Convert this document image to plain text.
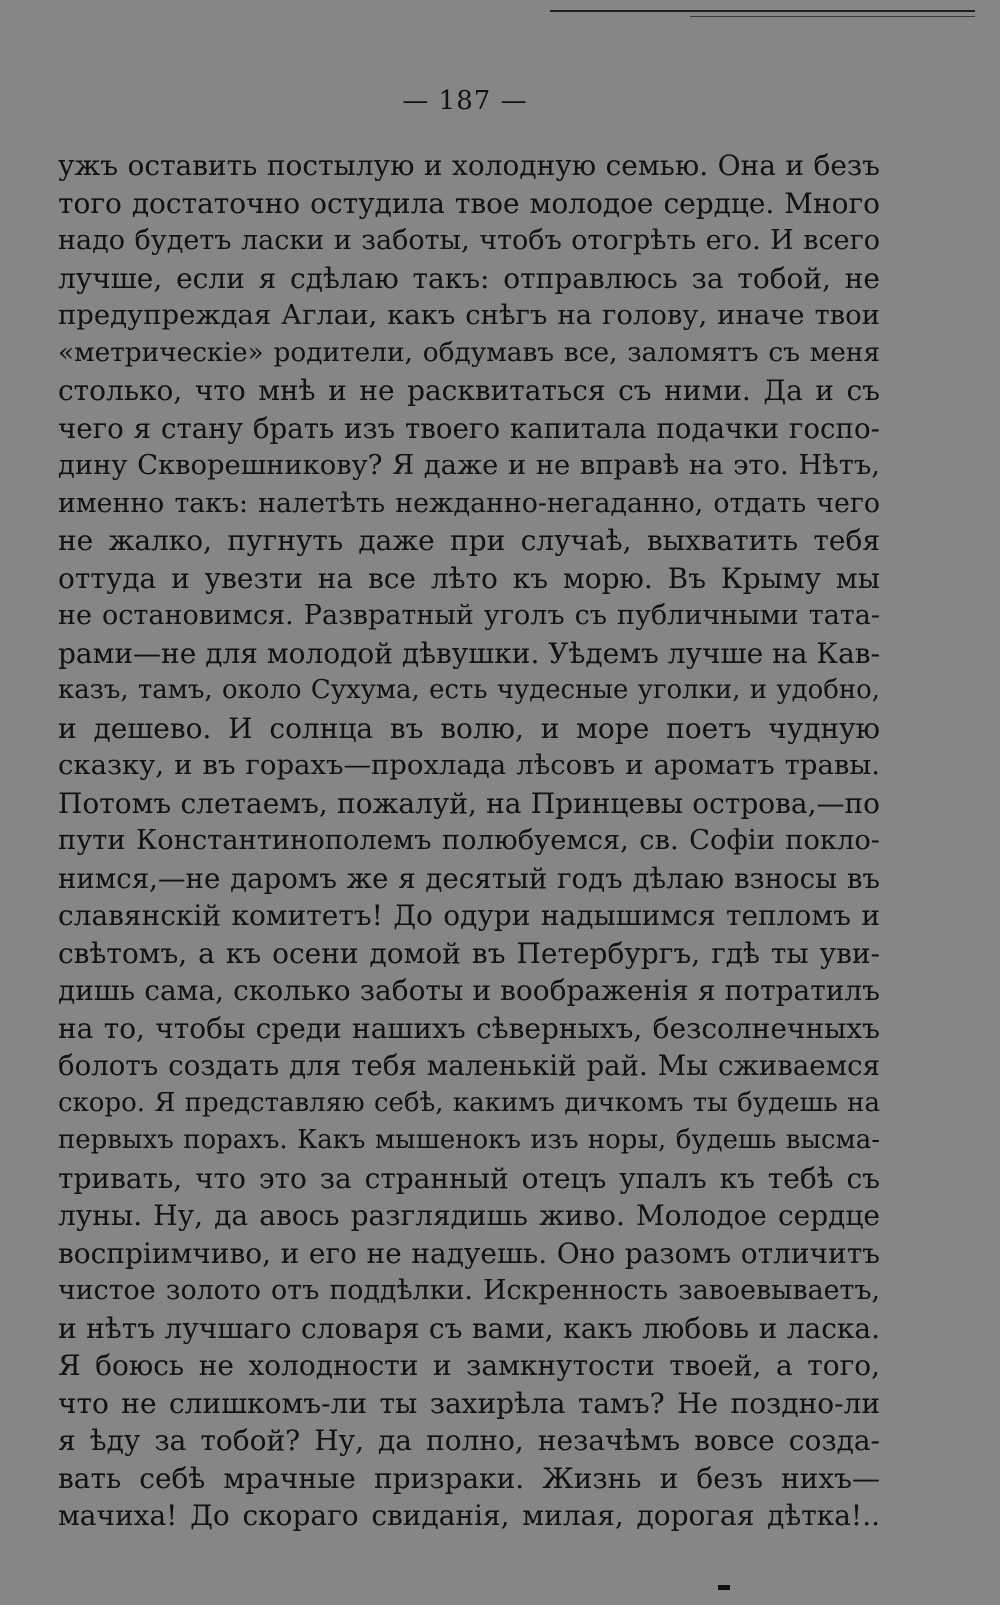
— 187 —
ужъ оставить постылую и холодную семью. Она и безъ
того достаточно остудила твое молодое сердце. Много
надо будетъ ласки и заботы, чтобъ отогрѣть его. И всего
лучше, если я сдѣлаю такъ: отправлюсь за тобой, не
предупреждая Аглаи, какъ снѣгъ на голову, иначе твои
«метрическіе» родители, обдумавъ все, заломятъ съ меня
столько, что мнѣ и не расквитаться съ ними. Да и съ
чего я стану брать изъ твоего капитала подачки госпо-
дину Скворешникову? Я даже и не вправѣ на это. Нѣтъ,
именно такъ: налетѣть нежданно-негаданно, отдать чего
не жалко, пугнуть даже при случаѣ, выхватить тебя
оттуда и увезти на все лѣто къ морю. Въ Крыму мы
не остановимся. Развратный уголъ съ публичными тата-
рами—не для молодой дѣвушки. Уѣдемъ лучше на Кав-
казъ, тамъ, около Сухума, есть чудесные уголки, и удобно,
и дешево. И солнца въ волю, и море поетъ чудную
сказку, и въ горахъ—прохлада лѣсовъ и ароматъ травы.
Потомъ слетаемъ, пожалуй, на Принцевы острова,—по
пути Константинополемъ полюбуемся, св. Софіи покло-
нимся,—не даромъ же я десятый годъ дѣлаю взносы въ
славянскій комитетъ! До одури надышимся тепломъ и
свѣтомъ, а къ осени домой въ Петербургъ, гдѣ ты уви-
дишь сама, сколько заботы и воображенія я потратилъ
на то, чтобы среди нашихъ сѣверныхъ, безсолнечныхъ
болотъ создать для тебя маленькій рай. Мы сживаемся
скоро. Я представляю себѣ, какимъ дичкомъ ты будешь на
первыхъ порахъ. Какъ мышенокъ изъ норы, будешь высма-
тривать, что это за странный отецъ упалъ къ тебѣ съ
луны. Ну, да авось разглядишь живо. Молодое сердце
воспріимчиво, и его не надуешь. Оно разомъ отличитъ
чистое золото отъ поддѣлки. Искренность завоевываетъ,
и нѣтъ лучшаго словаря съ вами, какъ любовь и ласка.
Я боюсь не холодности и замкнутости твоей, а того,
что не слишкомъ-ли ты захирѣла тамъ? Не поздно-ли
я ѣду за тобой? Ну, да полно, незачѣмъ вовсе созда-
вать себѣ мрачные призраки. Жизнь и безъ нихъ—
мачиха! До скораго свиданія, милая, дорогая дѣтка!..
